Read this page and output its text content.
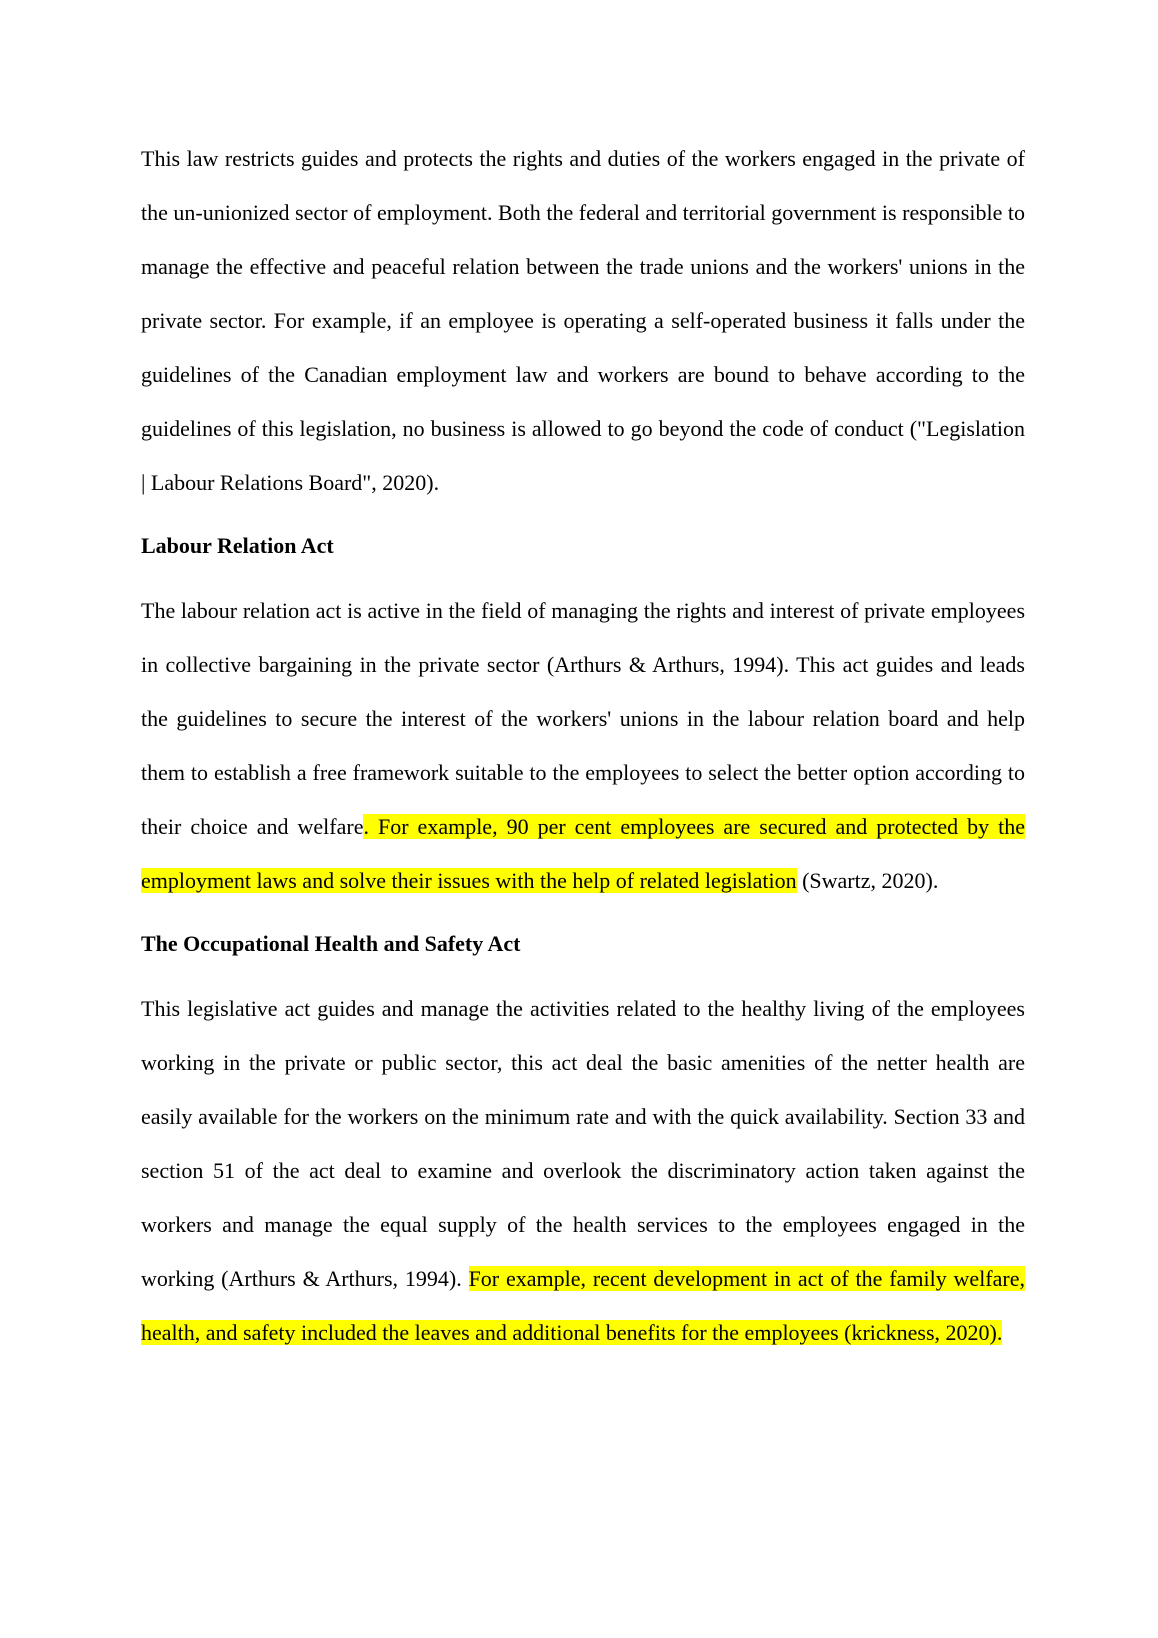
This law restricts guides and protects the rights and duties of the workers engaged in the private of the un-unionized sector of employment. Both the federal and territorial government is responsible to manage the effective and peaceful relation between the trade unions and the workers' unions in the private sector. For example, if an employee is operating a self-operated business it falls under the guidelines of the Canadian employment law and workers are bound to behave according to the guidelines of this legislation, no business is allowed to go beyond the code of conduct ("Legislation | Labour Relations Board", 2020).

Labour Relation Act

The labour relation act is active in the field of managing the rights and interest of private employees in collective bargaining in the private sector (Arthurs & Arthurs, 1994). This act guides and leads the guidelines to secure the interest of the workers' unions in the labour relation board and help them to establish a free framework suitable to the employees to select the better option according to their choice and welfare. For example, 90 per cent employees are secured and protected by the employment laws and solve their issues with the help of related legislation (Swartz, 2020).

The Occupational Health and Safety Act

This legislative act guides and manage the activities related to the healthy living of the employees working in the private or public sector, this act deal the basic amenities of the netter health are easily available for the workers on the minimum rate and with the quick availability. Section 33 and section 51 of the act deal to examine and overlook the discriminatory action taken against the workers and manage the equal supply of the health services to the employees engaged in the working (Arthurs & Arthurs, 1994). For example, recent development in act of the family welfare, health, and safety included the leaves and additional benefits for the employees (krickness, 2020).
